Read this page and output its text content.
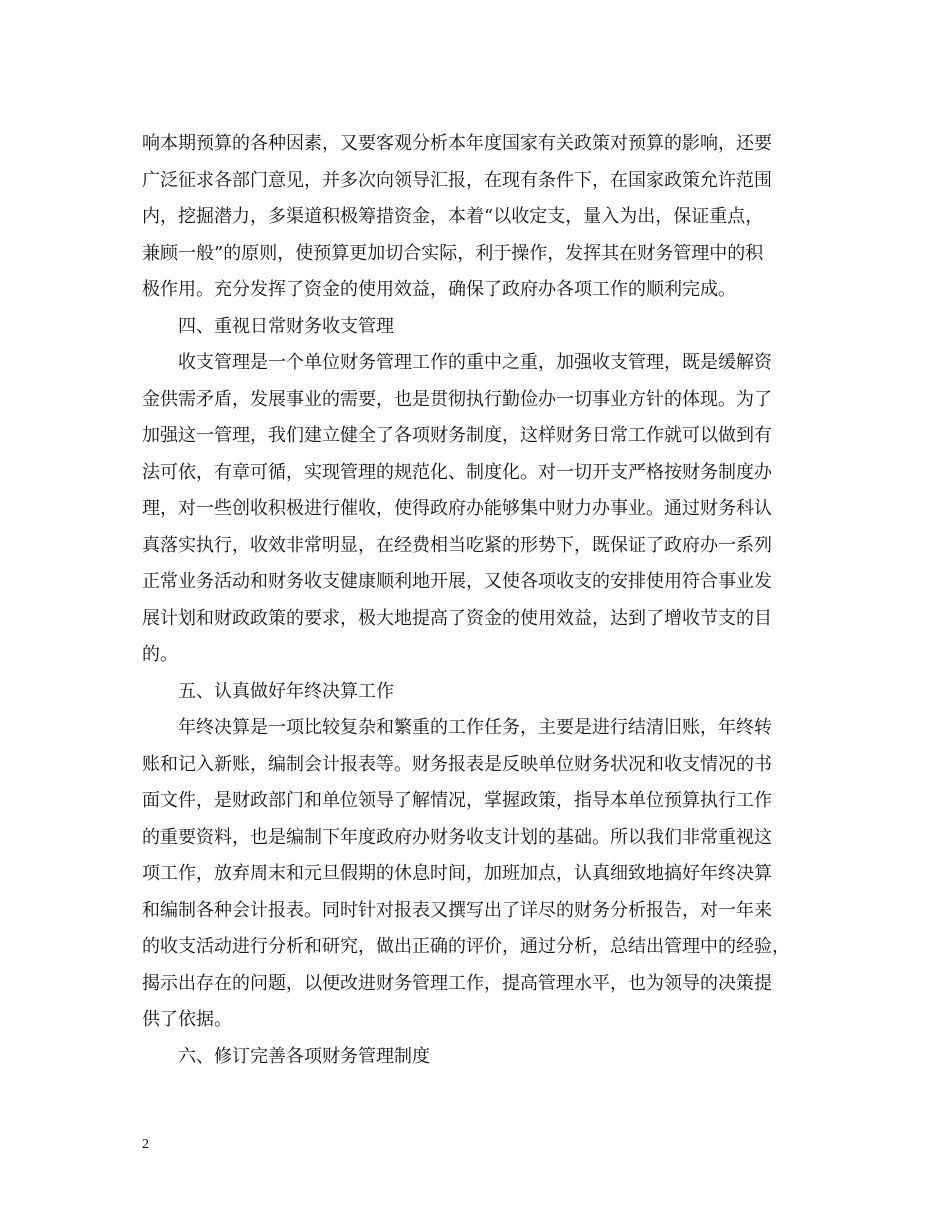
响本期预算的各种因素，又要客观分析本年度国家有关政策对预算的影响，还要
广泛征求各部门意见，并多次向领导汇报，在现有条件下，在国家政策允许范围
内，挖掘潜力，多渠道积极筹措资金，本着“以收定支，量入为出，保证重点，
兼顾一般”的原则，使预算更加切合实际，利于操作，发挥其在财务管理中的积
极作用。充分发挥了资金的使用效益，确保了政府办各项工作的顺利完成。
四、重视日常财务收支管理
收支管理是一个单位财务管理工作的重中之重，加强收支管理，既是缓解资
金供需矛盾，发展事业的需要，也是贯彻执行勤俭办一切事业方针的体现。为了
加强这一管理，我们建立健全了各项财务制度，这样财务日常工作就可以做到有
法可依，有章可循，实现管理的规范化、制度化。对一切开支严格按财务制度办
理，对一些创收积极进行催收，使得政府办能够集中财力办事业。通过财务科认
真落实执行，收效非常明显，在经费相当吃紧的形势下，既保证了政府办一系列
正常业务活动和财务收支健康顺利地开展，又使各项收支的安排使用符合事业发
展计划和财政政策的要求，极大地提高了资金的使用效益，达到了增收节支的目
的。
五、认真做好年终决算工作
年终决算是一项比较复杂和繁重的工作任务，主要是进行结清旧账，年终转
账和记入新账，编制会计报表等。财务报表是反映单位财务状况和收支情况的书
面文件，是财政部门和单位领导了解情况，掌握政策，指导本单位预算执行工作
的重要资料，也是编制下年度政府办财务收支计划的基础。所以我们非常重视这
项工作，放弃周末和元旦假期的休息时间，加班加点，认真细致地搞好年终决算
和编制各种会计报表。同时针对报表又撰写出了详尽的财务分析报告，对一年来
的收支活动进行分析和研究，做出正确的评价，通过分析，总结出管理中的经验，
揭示出存在的问题，以便改进财务管理工作，提高管理水平，也为领导的决策提
供了依据。
六、修订完善各项财务管理制度
2
